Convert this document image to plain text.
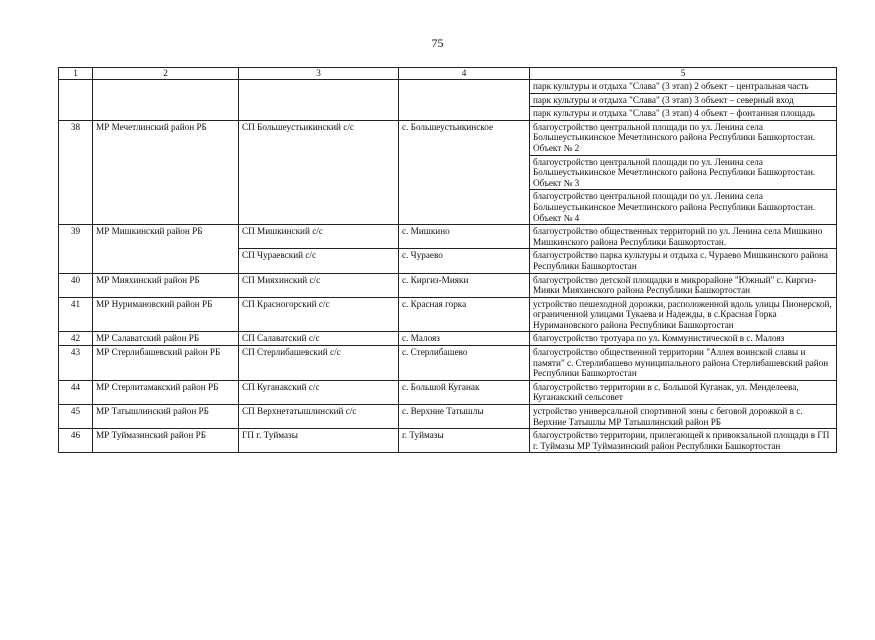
75
1	2	3	4	5
				парк культуры и отдыха "Слава" (3 этап) 2 объект – центральная часть
				парк культуры и отдыха "Слава" (3 этап) 3 объект – северный вход
				парк культуры и отдыха "Слава" (3 этап) 4 объект – фонтанная площадь
38	МР Мечетлинский район РБ	СП Большеустьикинский с/с	с. Большеустьикинское	благоустройство центральной площади по ул. Ленина села Большеустьикинское Мечетлинского района Республики Башкортостан. Объект № 2
				благоустройство центральной площади по ул. Ленина села Большеустьикинское Мечетлинского района Республики Башкортостан. Объект № 3
				благоустройство центральной площади по ул. Ленина села Большеустьикинское Мечетлинского района Республики Башкортостан. Объект № 4
39	МР Мишкинский район РБ	СП Мишкинский с/с	с. Мишкино	благоустройство общественных территорий по ул. Ленина села Мишкино Мишкинского района Республики Башкортостан.
		СП Чураевский с/с	с. Чураево	благоустройство парка культуры и отдыха с. Чураево Мишкинского района Республики Башкортостан
40	МР Мияхинский район РБ	СП Мияхинский с/с	с. Киргиз-Мияки	благоустройство детской площадки в микрорайоне "Южный" с. Киргиз-Мияки Мияхинского района Республики Башкортостан
41	МР Нуримановский район РБ	СП Красногорский с/с	с. Красная горка	устройство пешеходной дорожки, расположенной вдоль улицы Пионерской, ограниченной улицами Тукаева и Надежды, в с.Красная Горка Нуримановского района Республики Башкортостан
42	МР Салаватский район РБ	СП Салаватский с/с	с. Малояз	благоустройство тротуара по ул. Коммунистической в с. Малояз
43	МР Стерлибашевский район РБ	СП Стерлибашевский с/с	с. Стерлибашево	благоустройство общественной территории "Аллея воинской славы и памяти" с. Стерлибашево муниципального района Стерлибашевский район Республики Башкортостан
44	МР Стерлитамакский район РБ	СП Куганакский с/с	с. Большой Куганак	благоустройство территории в с. Большой Куганак, ул. Менделеева, Куганакский сельсовет
45	МР Татышлинский район РБ	СП Верхнетатышлинский с/с	с. Верхние Татышлы	устройство универсальной спортивной зоны с беговой дорожкой в с. Верхние Татышлы МР Татышлинский район РБ
46	МР Туймазинский район РБ	ГП г. Туймазы	г. Туймазы	благоустройство территории, прилегающей к привокзальной площади в ГП г. Туймазы МР Туймазинский район Республики Башкортостан
